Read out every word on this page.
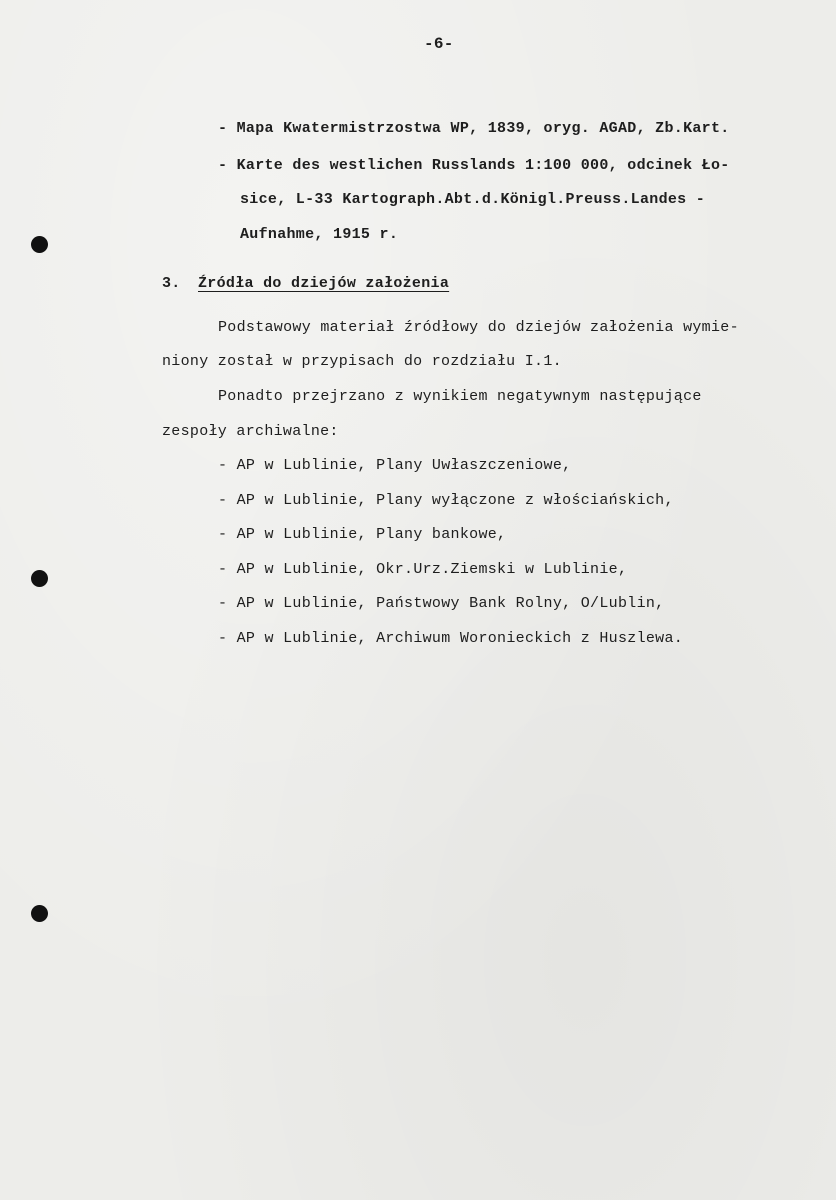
-6-
- Mapa Kwatermistrzostwa WP, 1839, oryg. AGAD, Zb.Kart.
- Karte des westlichen Russlands 1:100 000, odcinek Ło-
sice, L-33 Kartograph.Abt.d.Königl.Preuss.Landes -
Aufnahme, 1915 r.
3. Źródła do dziejów założenia
Podstawowy materiał źródłowy do dziejów założenia wymie-
niony został w przypisach do rozdziału I.1.
Ponadto przejrzano z wynikiem negatywnym następujące
zespoły archiwalne:
- AP w Lublinie, Plany Uwłaszczeniowe,
- AP w Lublinie, Plany wyłączone z włościańskich,
- AP w Lublinie, Plany bankowe,
- AP w Lublinie, Okr.Urz.Ziemski w Lublinie,
- AP w Lublinie, Państwowy Bank Rolny, O/Lublin,
- AP w Lublinie, Archiwum Woronieckich z Huszlewa.
